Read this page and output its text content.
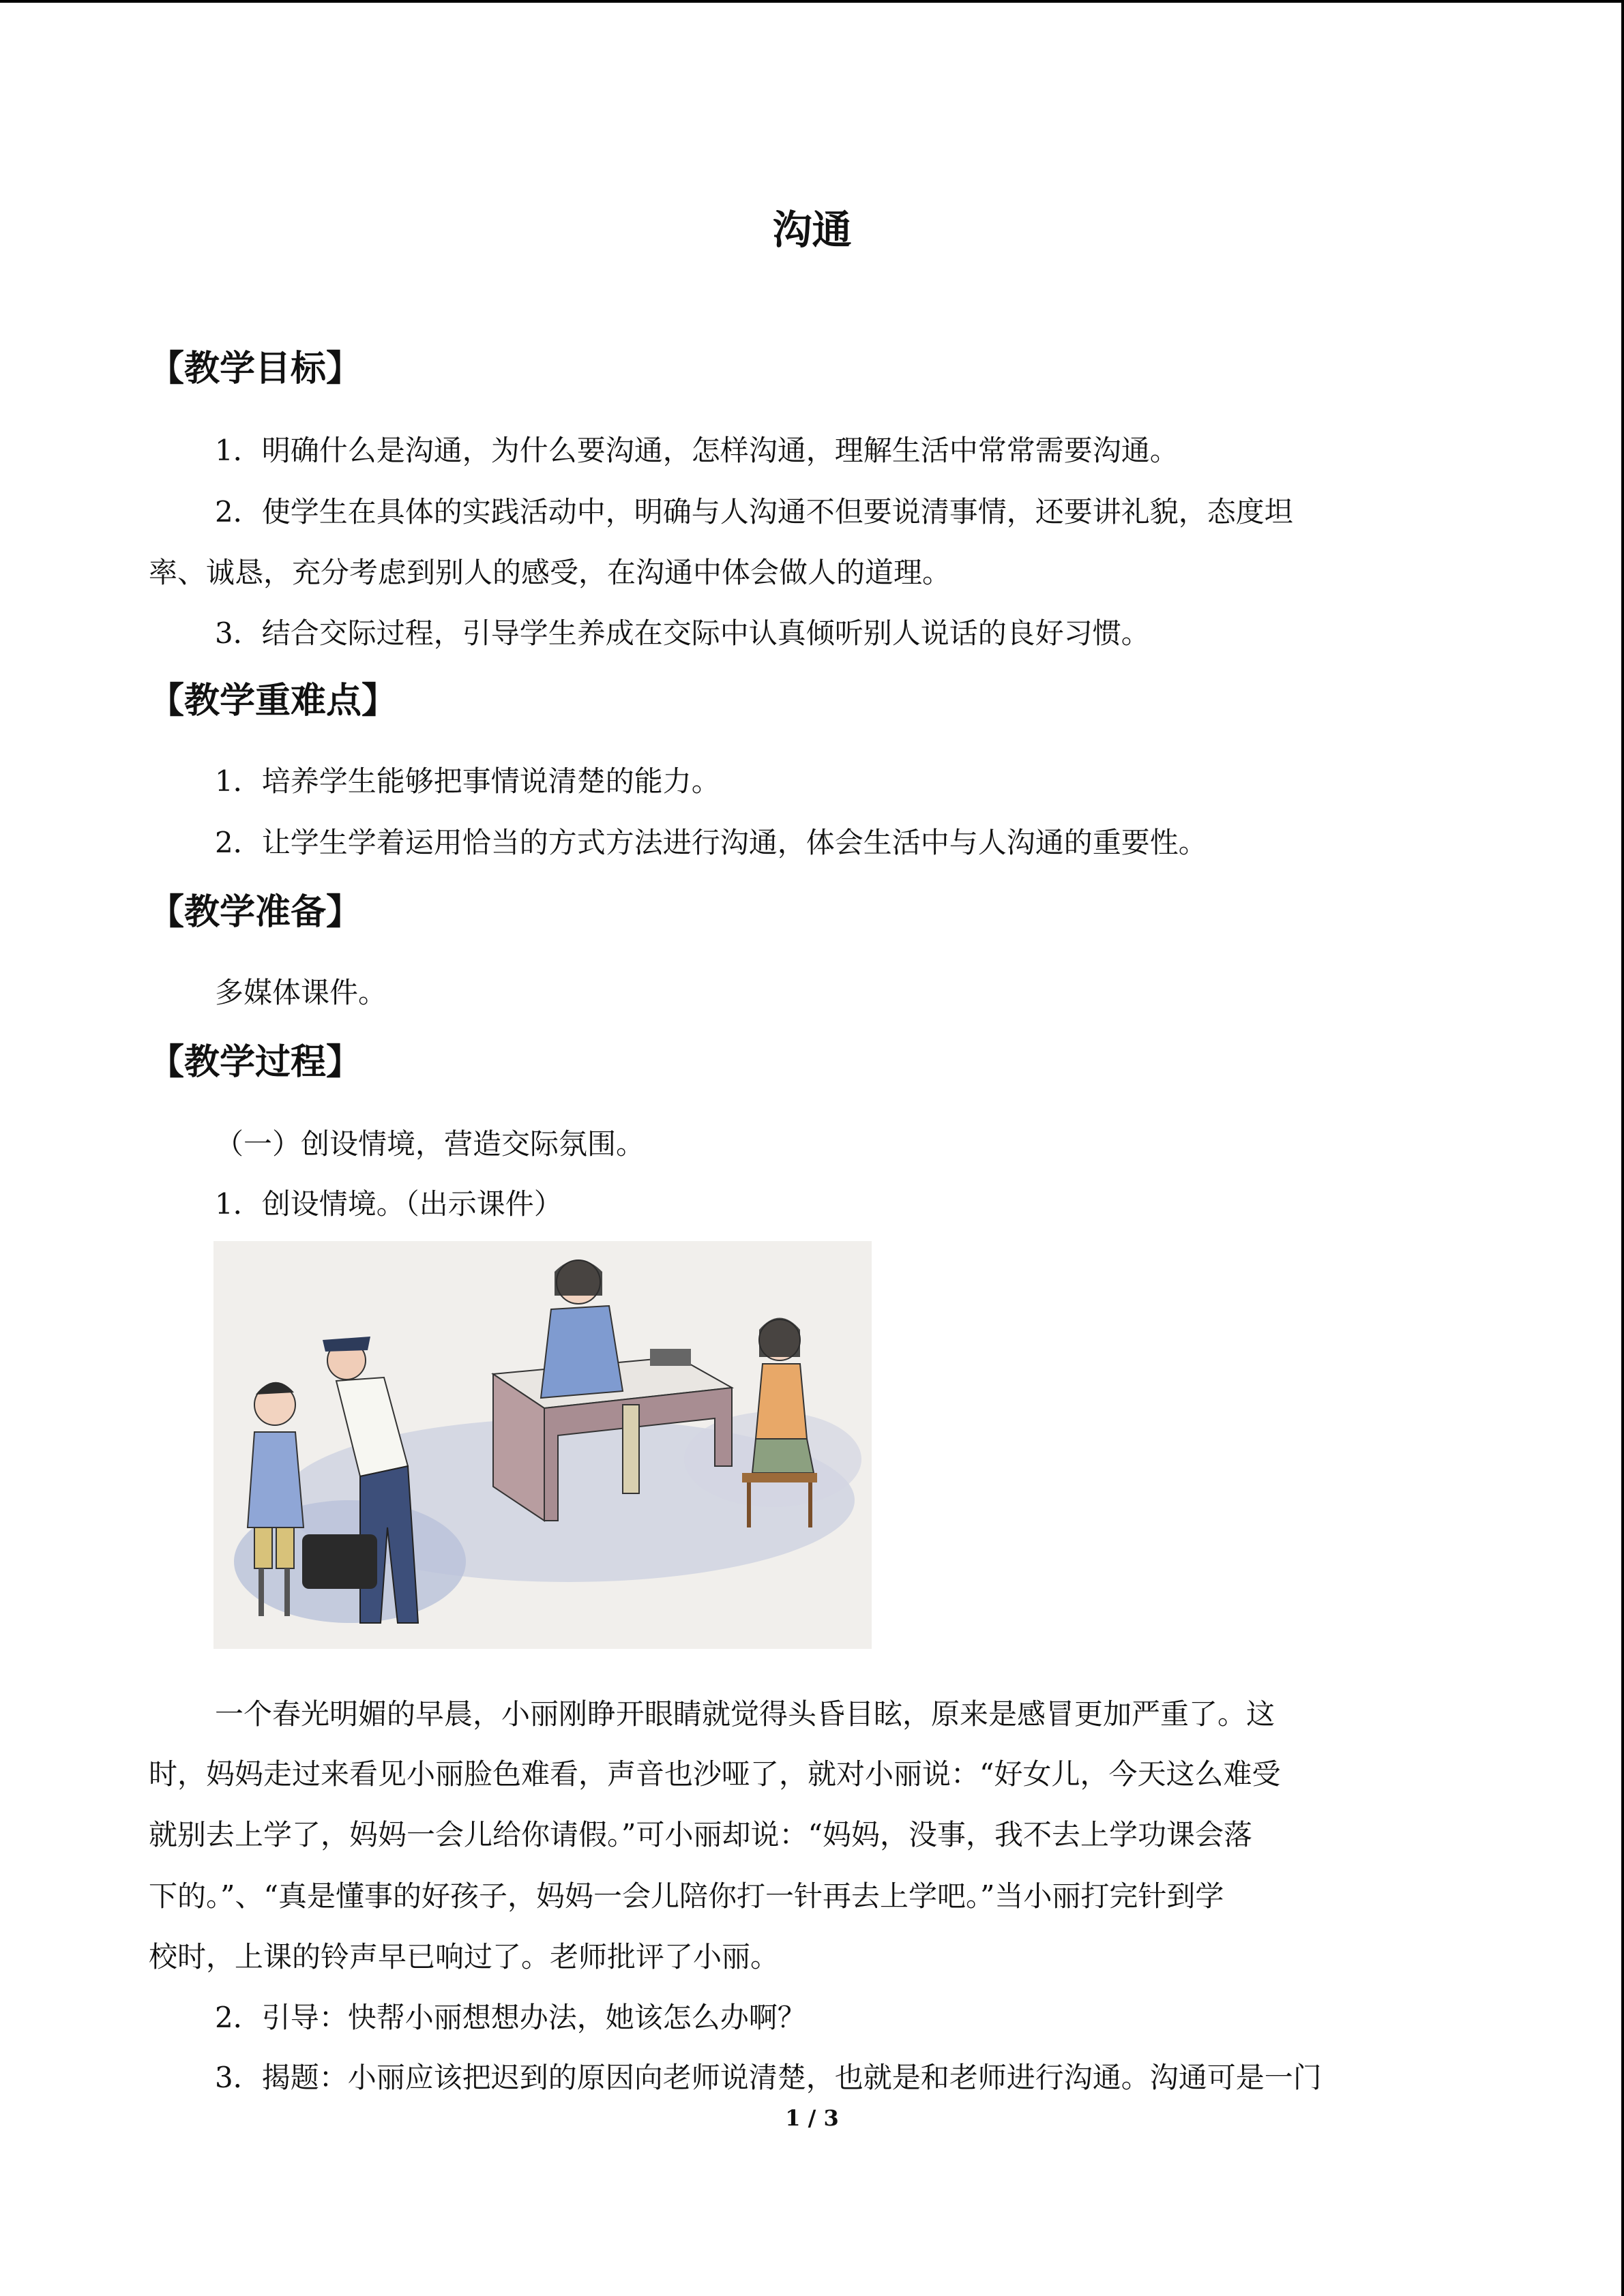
沟通
【教学目标】
1．明确什么是沟通，为什么要沟通，怎样沟通，理解生活中常常需要沟通。
2．使学生在具体的实践活动中，明确与人沟通不但要说清事情，还要讲礼貌，态度坦
率、诚恳，充分考虑到别人的感受，在沟通中体会做人的道理。
3．结合交际过程，引导学生养成在交际中认真倾听别人说话的良好习惯。
【教学重难点】
1．培养学生能够把事情说清楚的能力。
2．让学生学着运用恰当的方式方法进行沟通，体会生活中与人沟通的重要性。
【教学准备】
多媒体课件。
【教学过程】
（一）创设情境，营造交际氛围。
1．创设情境。（出示课件）
一个春光明媚的早晨，小丽刚睁开眼睛就觉得头昏目眩，原来是感冒更加严重了。这
时，妈妈走过来看见小丽脸色难看，声音也沙哑了，就对小丽说：“好女儿，今天这么难受
就别去上学了，妈妈一会儿给你请假。”可小丽却说：“妈妈，没事，我不去上学功课会落
下的。”、“真是懂事的好孩子，妈妈一会儿陪你打一针再去上学吧。”当小丽打完针到学
校时，上课的铃声早已响过了。老师批评了小丽。
2．引导：快帮小丽想想办法，她该怎么办啊？
3．揭题：小丽应该把迟到的原因向老师说清楚，也就是和老师进行沟通。沟通可是一门
1 / 3
